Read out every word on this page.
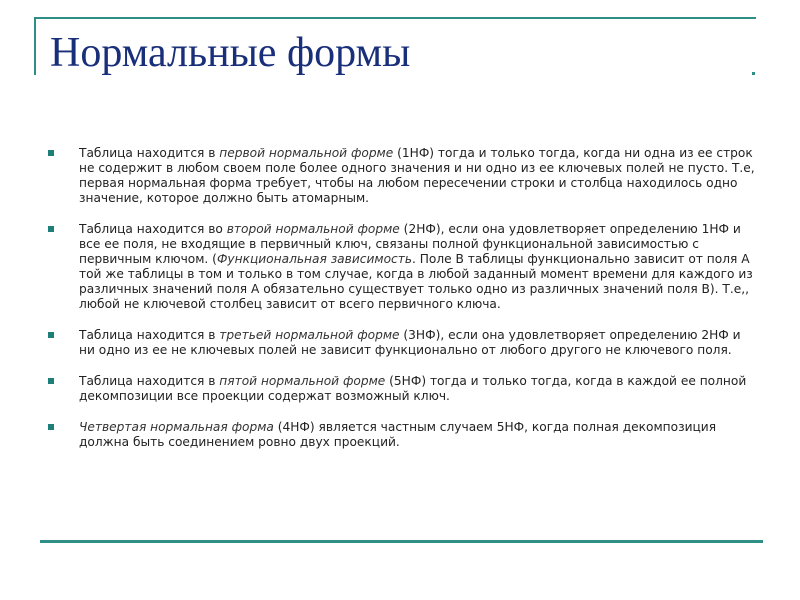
Нормальные формы
Таблица находится в первой нормальной форме (1НФ) тогда и только тогда, когда ни одна из ее строк не содержит в любом своем поле более одного значения и ни одно из ее ключевых полей не пусто. Т.е, первая нормальная форма требует, чтобы на любом пересечении строки и столбца находилось одно значение, которое должно быть атомарным.
Таблица находится во второй нормальной форме (2НФ), если она удовлетворяет определению 1НФ и все ее поля, не входящие в первичный ключ, связаны полной функциональной зависимостью с первичным ключом. (Функциональная зависимость. Поле В таблицы функционально зависит от поля А той же таблицы в том и только в том случае, когда в любой заданный момент времени для каждого из различных значений поля А обязательно существует только одно из различных значений поля В). Т.е,, любой не ключевой столбец зависит от всего первичного ключа.
Таблица находится в третьей нормальной форме (3НФ), если она удовлетворяет определению 2НФ и ни одно из ее не ключевых полей не зависит функционально от любого другого не ключевого поля.
Таблица находится в пятой нормальной форме (5НФ) тогда и только тогда, когда в каждой ее полной декомпозиции все проекции содержат возможный ключ.
Четвертая нормальная форма (4НФ) является частным случаем 5НФ, когда полная декомпозиция должна быть соединением ровно двух проекций.
